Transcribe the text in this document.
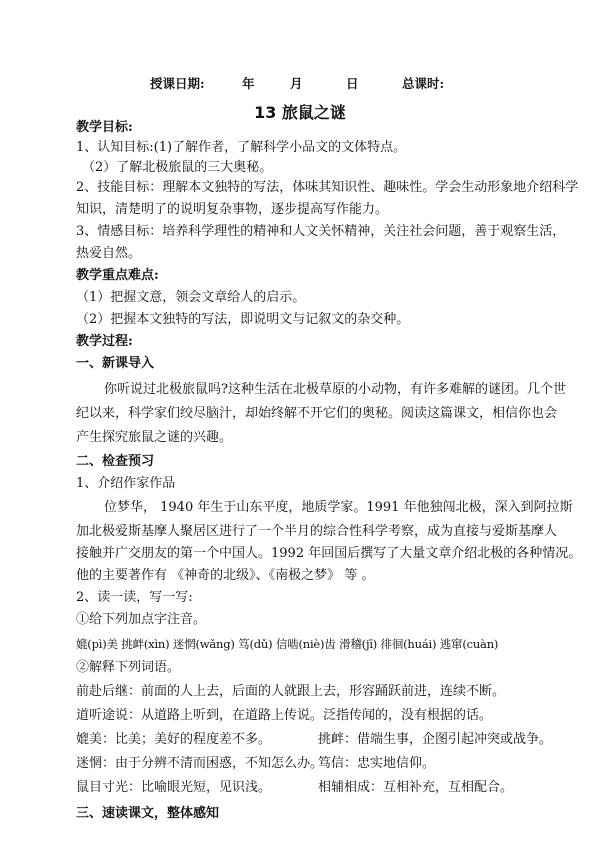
授课日期:	年	月	日	总课时:
13 旅鼠之谜
教学目标:
1、认知目标:(1)了解作者，了解科学小品文的文体特点。
（2）了解北极旅鼠的三大奥秘。
2、技能目标：理解本文独特的写法，体味其知识性、趣味性。学会生动形象地介绍科学
知识，清楚明了的说明复杂事物，逐步提高写作能力。
3、情感目标：培养科学理性的精神和人文关怀精神，关注社会问题，善于观察生活，
热爱自然。
教学重点难点:
（1）把握文意，领会文章给人的启示。
（2）把握本文独特的写法，即说明文与记叙文的杂交种。
教学过程:
一、新课导入
你听说过北极旅鼠吗?这种生活在北极草原的小动物，有许多难解的谜团。几个世
纪以来，科学家们绞尽脑汁，却始终解不开它们的奥秘。阅读这篇课文，相信你也会
产生探究旅鼠之谜的兴趣。
二、检查预习
1、介绍作家作品
位梦华， 1940 年生于山东平度，地质学家。1991 年他独闯北极，深入到阿拉斯
加北极爱斯基摩人聚居区进行了一个半月的综合性科学考察，成为直接与爱斯基摩人
接触并广交朋友的第一个中国人。1992 年回国后撰写了大量文章介绍北极的各种情况。
他的主要著作有 《神奇的北级》、《南极之梦》 等 。
2、读一读，写一写:
①给下列加点字注音。
媲(pì)美 挑衅(xìn) 迷惘(wǎng) 笃(dǔ) 信啮(niè)齿 滑稽(jī) 徘徊(huái) 逃窜(cuàn)
②解释下列词语。
前赴后继：前面的人上去，后面的人就跟上去，形容踊跃前进，连续不断。
道听途说：从道路上听到，在道路上传说。泛指传闻的，没有根据的话。
媲美：比美；美好的程度差不多。	挑衅：借端生事，企图引起冲突或战争。
迷惘：由于分辨不清而困惑，不知怎么办。
笃信：忠实地信仰。
鼠目寸光：比喻眼光短，见识浅。	相辅相成：互相补充，互相配合。
三、速读课文，整体感知
